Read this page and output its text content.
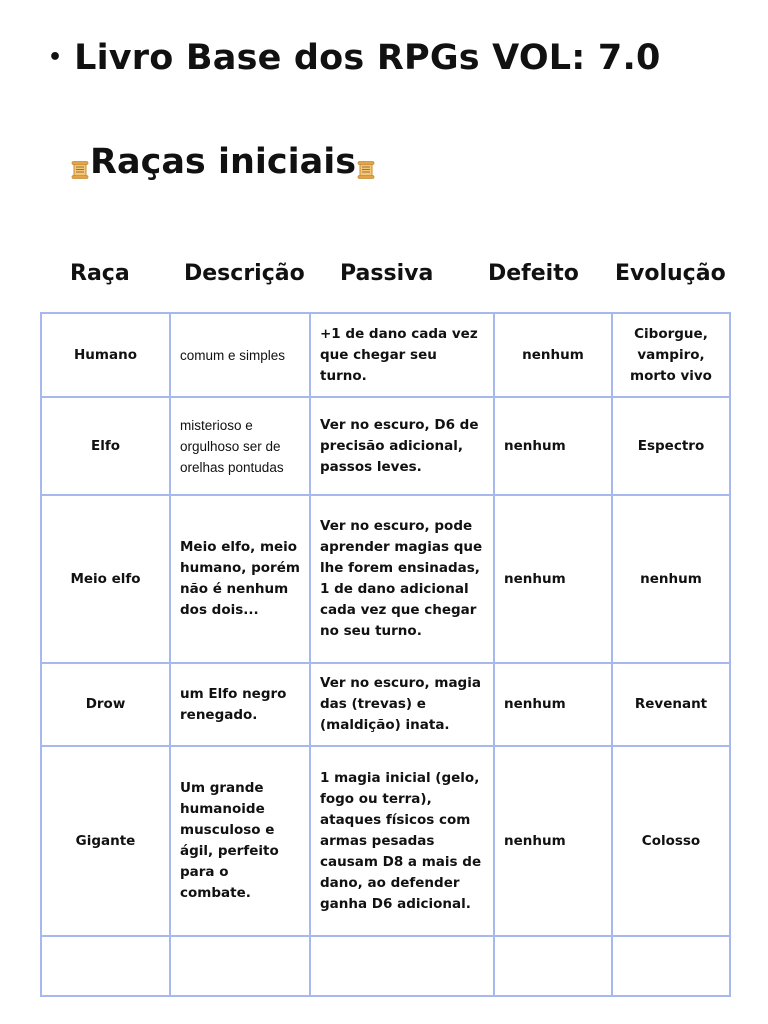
• Livro Base dos RPGs VOL: 7.0
Raças iniciais
Raça Descrição Passiva Defeito Evolução
Humano	comum e simples	+1 de dano cada vez que chegar seu turno.	nenhum	Ciborgue, vampiro, morto vivo
Elfo	misterioso e orgulhoso ser de orelhas pontudas	Ver no escuro, D6 de precisão adicional, passos leves.	nenhum	Espectro
Meio elfo	Meio elfo, meio humano, porém não é nenhum dos dois...	Ver no escuro, pode aprender magias que lhe forem ensinadas, 1 de dano adicional cada vez que chegar no seu turno.	nenhum	nenhum
Drow	um Elfo negro renegado.	Ver no escuro, magia das (trevas) e (maldição) inata.	nenhum	Revenant
Gigante	Um grande humanoide musculoso e ágil, perfeito para o combate.	1 magia inicial (gelo, fogo ou terra), ataques físicos com armas pesadas causam D8 a mais de dano, ao defender ganha D6 adicional.	nenhum	Colosso
